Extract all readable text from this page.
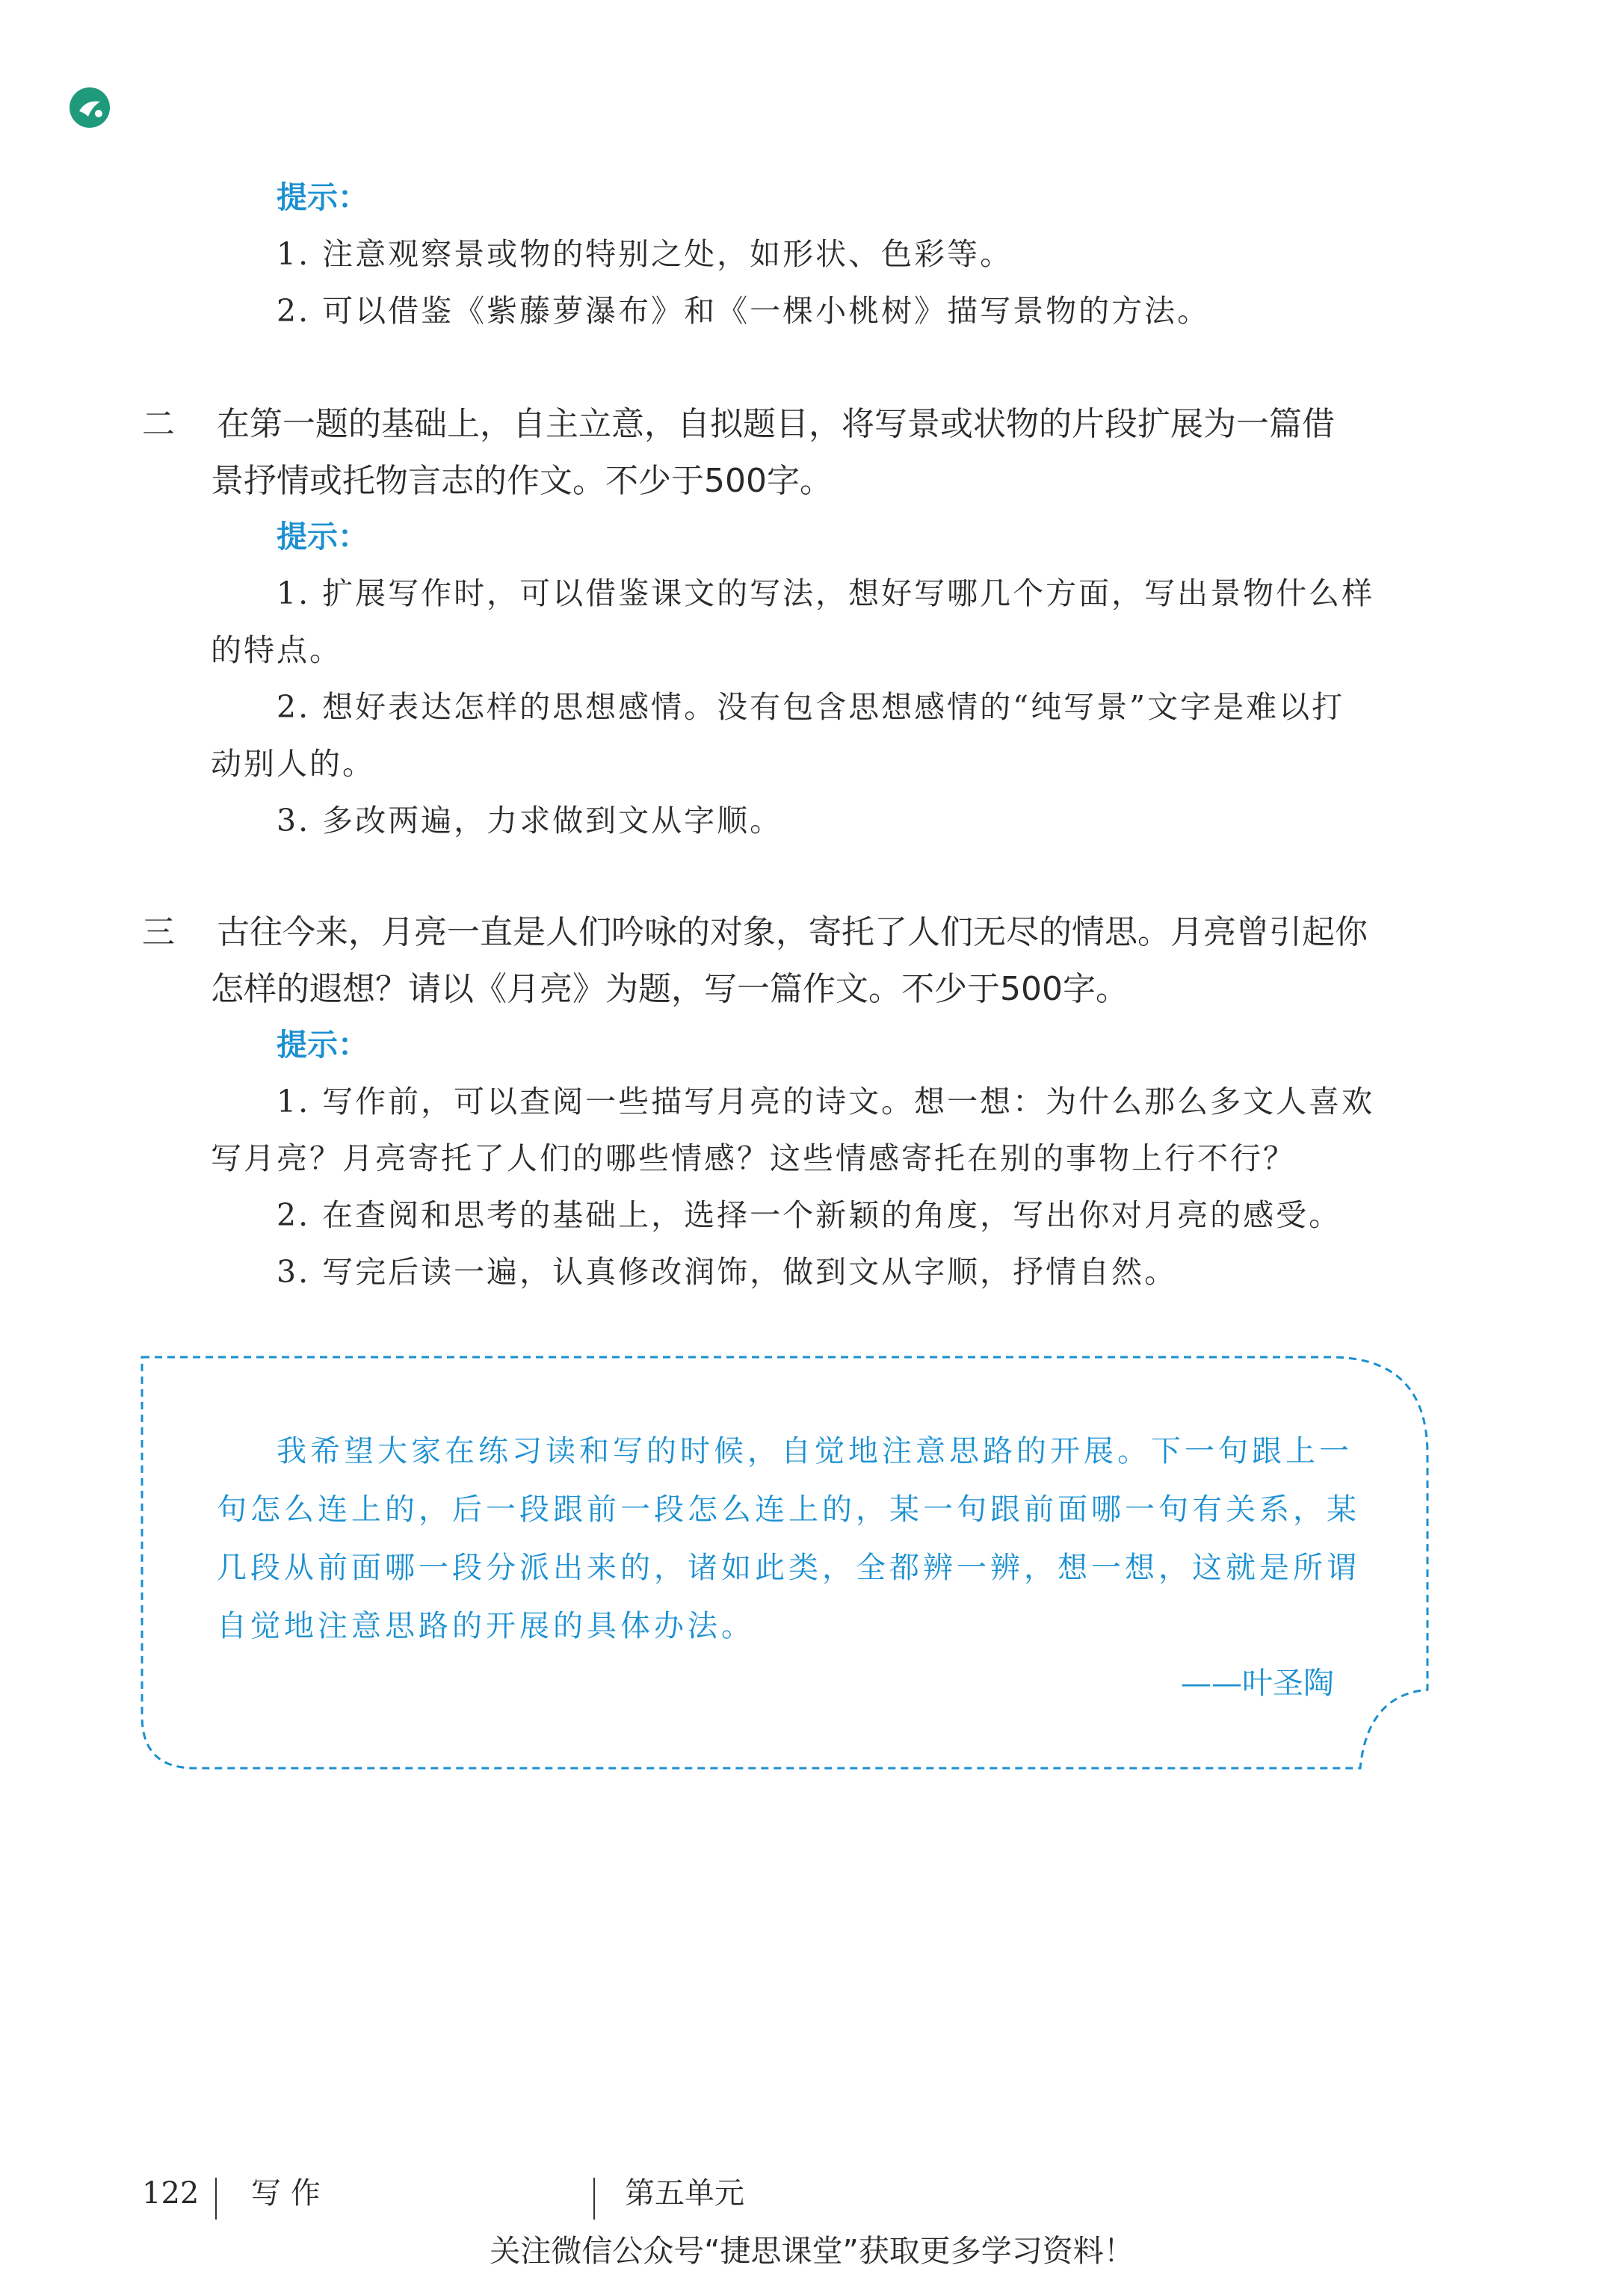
提示：
1. 注意观察景或物的特别之处，如形状、色彩等。
2. 可以借鉴《紫藤萝瀑布》和《一棵小桃树》描写景物的方法。
二 在第一题的基础上，自主立意，自拟题目，将写景或状物的片段扩展为一篇借
景抒情或托物言志的作文。不少于500字。
提示：
1. 扩展写作时，可以借鉴课文的写法，想好写哪几个方面，写出景物什么样
的特点。
2. 想好表达怎样的思想感情。没有包含思想感情的“纯写景”文字是难以打
动别人的。
3. 多改两遍，力求做到文从字顺。
三 古往今来，月亮一直是人们吟咏的对象，寄托了人们无尽的情思。月亮曾引起你
怎样的遐想？请以《月亮》为题，写一篇作文。不少于500字。
提示：
1. 写作前，可以查阅一些描写月亮的诗文。想一想：为什么那么多文人喜欢
写月亮？月亮寄托了人们的哪些情感？这些情感寄托在别的事物上行不行？
2. 在查阅和思考的基础上，选择一个新颖的角度，写出你对月亮的感受。
3. 写完后读一遍，认真修改润饰，做到文从字顺，抒情自然。
我希望大家在练习读和写的时候，自觉地注意思路的开展。下一句跟上一
句怎么连上的，后一段跟前一段怎么连上的，某一句跟前面哪一句有关系，某
几段从前面哪一段分派出来的，诸如此类，全都辨一辨，想一想，这就是所谓
自觉地注意思路的开展的具体办法。
——叶圣陶
122 写 作	第五单元
关注微信公众号“捷思课堂”获取更多学习资料！
